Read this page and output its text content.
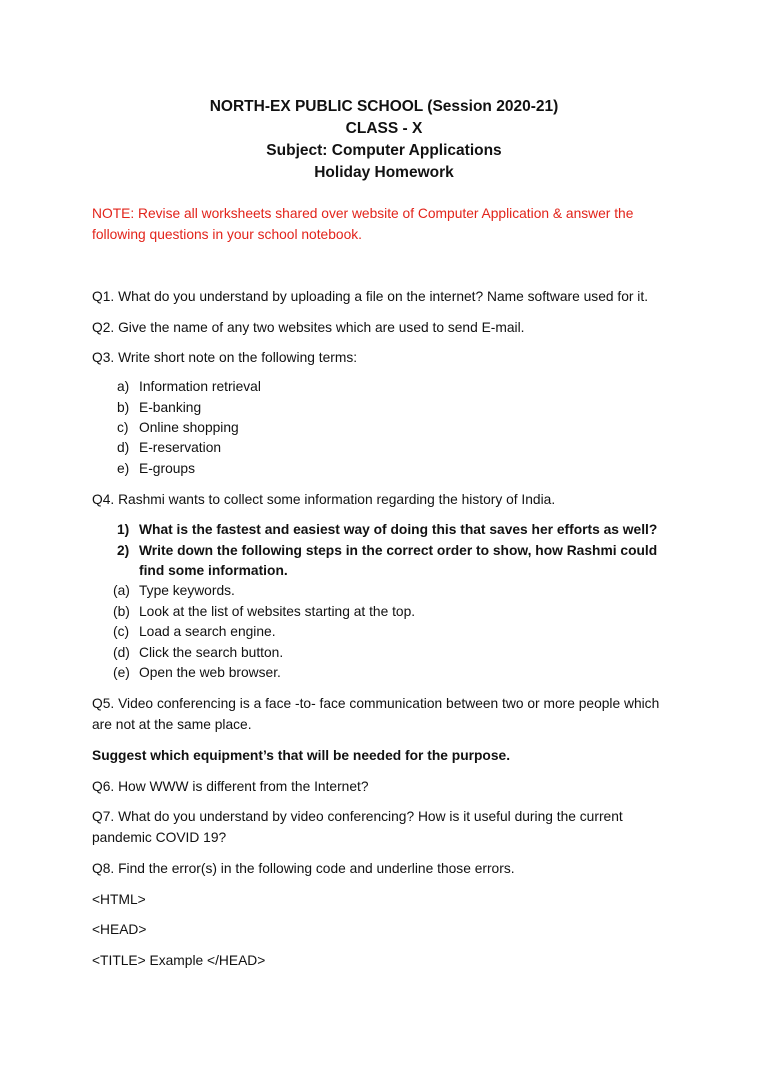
NORTH-EX PUBLIC SCHOOL (Session 2020-21)
CLASS - X
Subject: Computer Applications
Holiday Homework
NOTE: Revise all worksheets shared over website of Computer Application & answer the following questions in your school notebook.
Q1. What do you understand by uploading a file on the internet? Name software used for it.
Q2. Give the name of any two websites which are used to send E-mail.
Q3. Write short note on the following terms:
a) Information retrieval
b) E-banking
c) Online shopping
d) E-reservation
e) E-groups
Q4. Rashmi wants to collect some information regarding the history of India.
1) What is the fastest and easiest way of doing this that saves her efforts as well?
2) Write down the following steps in the correct order to show, how Rashmi could find some information.
(a) Type keywords.
(b) Look at the list of websites starting at the top.
(c) Load a search engine.
(d) Click the search button.
(e) Open the web browser.
Q5. Video conferencing is a face -to- face communication between two or more people which are not at the same place.
Suggest which equipment’s that will be needed for the purpose.
Q6. How WWW is different from the Internet?
Q7. What do you understand by video conferencing? How is it useful during the current pandemic COVID 19?
Q8. Find the error(s) in the following code and underline those errors.
<HTML>
<HEAD>
<TITLE> Example </HEAD>
